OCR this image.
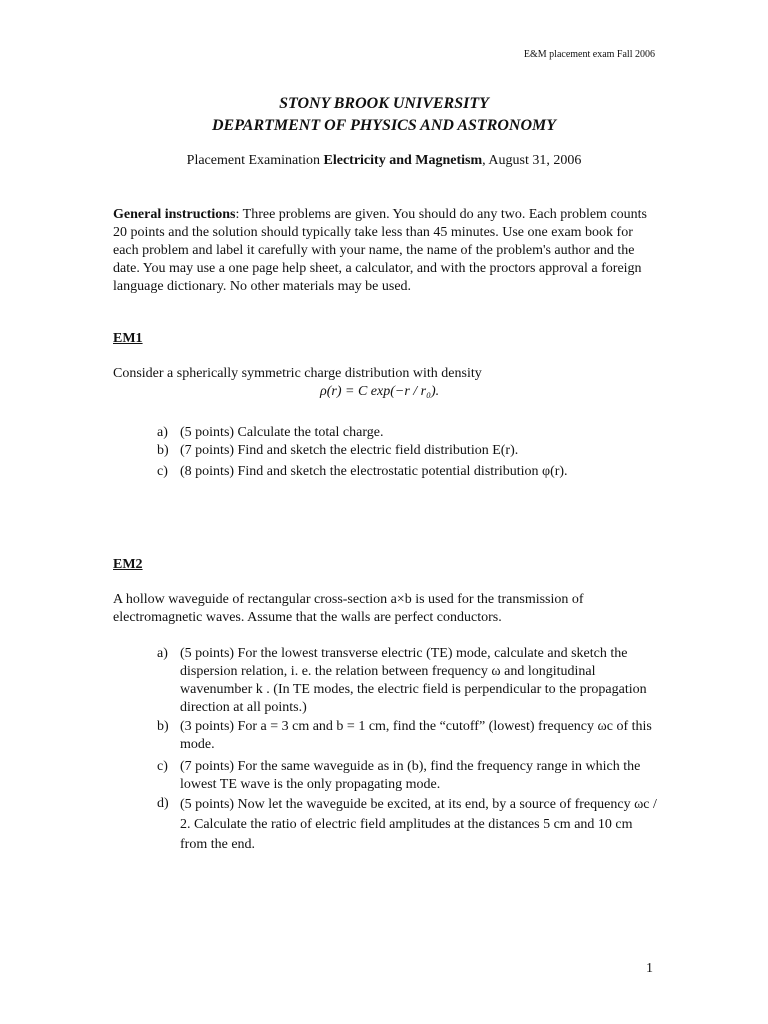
E&M placement exam Fall 2006
STONY BROOK UNIVERSITY
DEPARTMENT OF PHYSICS AND ASTRONOMY
Placement Examination Electricity and Magnetism, August 31, 2006
General instructions: Three problems are given. You should do any two. Each problem counts 20 points and the solution should typically take less than 45 minutes. Use one exam book for each problem and label it carefully with your name, the name of the problem's author and the date. You may use a one page help sheet, a calculator, and with the proctors approval a foreign language dictionary. No other materials may be used.
EM1
Consider a spherically symmetric charge distribution with density
ρ(r) = C exp(−r / r₀).
a) (5 points) Calculate the total charge.
b) (7 points) Find and sketch the electric field distribution E(r).
c) (8 points) Find and sketch the electrostatic potential distribution φ(r).
EM2
A hollow waveguide of rectangular cross-section a×b is used for the transmission of electromagnetic waves. Assume that the walls are perfect conductors.
a) (5 points) For the lowest transverse electric (TE) mode, calculate and sketch the dispersion relation, i. e. the relation between frequency ω and longitudinal wavenumber k . (In TE modes, the electric field is perpendicular to the propagation direction at all points.)
b) (3 points) For a = 3 cm and b = 1 cm, find the “cutoff” (lowest) frequency ωc of this mode.
c) (7 points) For the same waveguide as in (b), find the frequency range in which the lowest TE wave is the only propagating mode.
d) (5 points) Now let the waveguide be excited, at its end, by a source of frequency ωc / 2. Calculate the ratio of electric field amplitudes at the distances 5 cm and 10 cm from the end.
1
